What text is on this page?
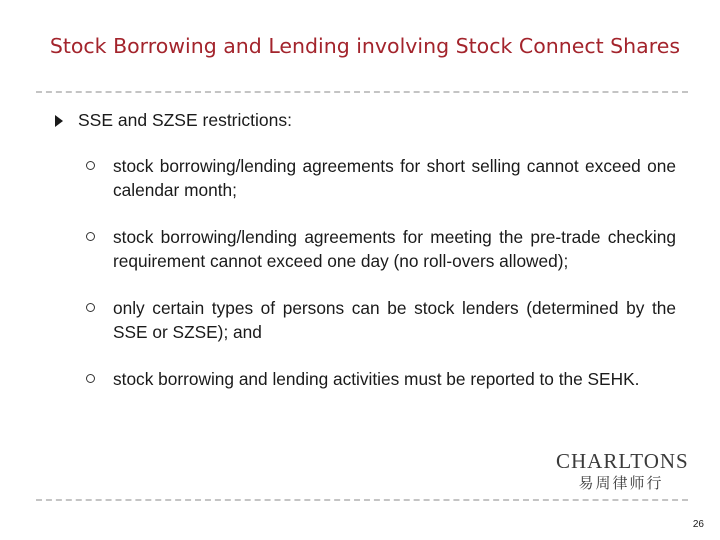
Stock Borrowing and Lending involving Stock Connect Shares
SSE and SZSE restrictions:
stock borrowing/lending agreements for short selling cannot exceed one calendar month;
stock borrowing/lending agreements for meeting the pre-trade checking requirement cannot exceed one day (no roll-overs allowed);
only certain types of persons can be stock lenders (determined by the SSE or SZSE); and
stock borrowing and lending activities must be reported to the SEHK.
CHARLTONS
易周律师行
26
